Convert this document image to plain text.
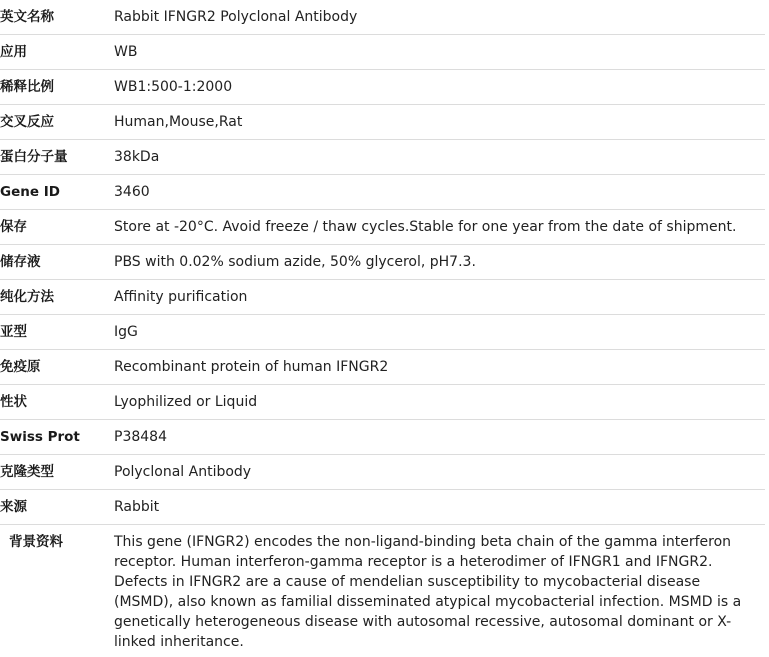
英文名称	Rabbit IFNGR2 Polyclonal Antibody
应用	WB
稀释比例	WB1:500-1:2000
交叉反应	Human,Mouse,Rat
蛋白分子量	38kDa
Gene ID	3460
保存	Store at -20°C. Avoid freeze / thaw cycles.Stable for one year from the date of shipment.
储存液	PBS with 0.02% sodium azide, 50% glycerol, pH7.3.
纯化方法	Affinity purification
亚型	IgG
免疫原	Recombinant protein of human IFNGR2
性状	Lyophilized or Liquid
Swiss Prot	P38484
克隆类型	Polyclonal Antibody
来源	Rabbit
背景资料	This gene (IFNGR2) encodes the non-ligand-binding beta chain of the gamma interferon receptor. Human interferon-gamma receptor is a heterodimer of IFNGR1 and IFNGR2. Defects in IFNGR2 are a cause of mendelian susceptibility to mycobacterial disease (MSMD), also known as familial disseminated atypical mycobacterial infection. MSMD is a genetically heterogeneous disease with autosomal recessive, autosomal dominant or X-linked inheritance.
